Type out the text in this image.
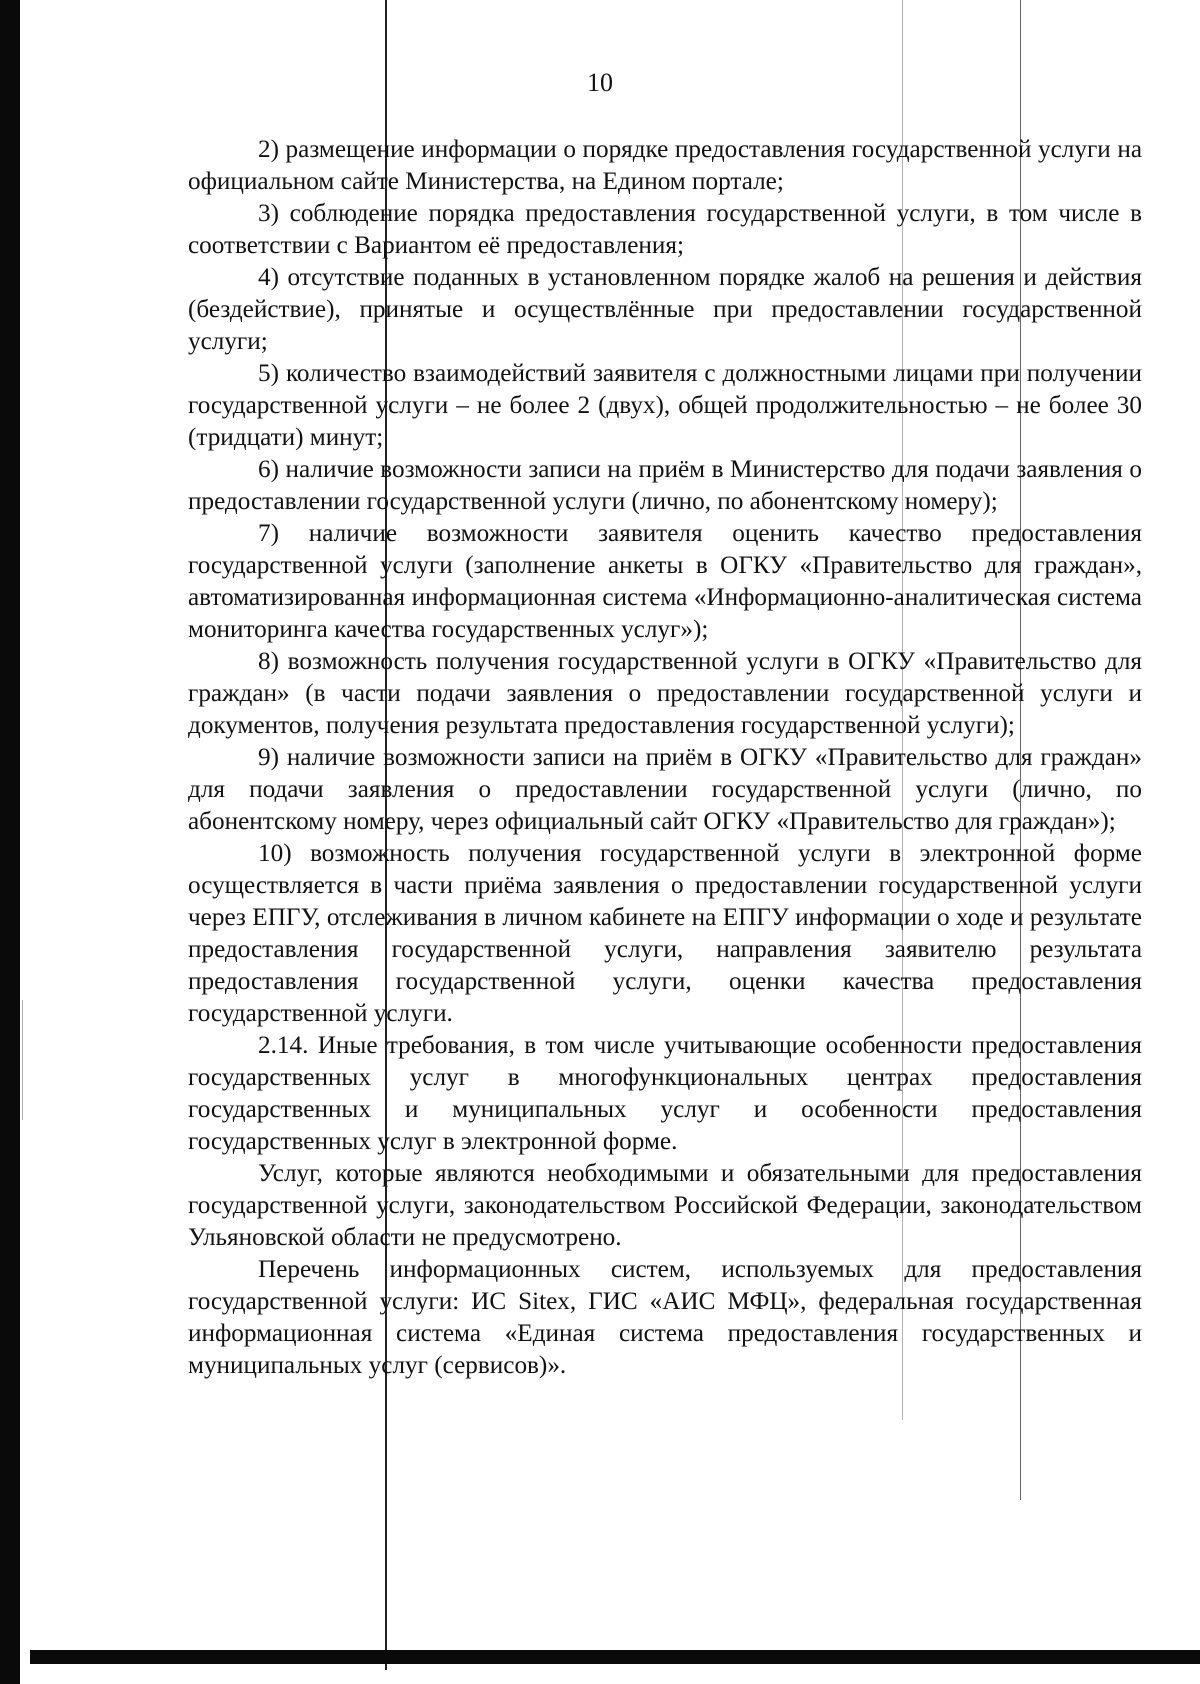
10

2) размещение информации о порядке предоставления государственной услуги на официальном сайте Министерства, на Едином портале;

3) соблюдение порядка предоставления государственной услуги, в том числе в соответствии с Вариантом её предоставления;

4) отсутствие поданных в установленном порядке жалоб на решения и действия (бездействие), принятые и осуществлённые при предоставлении государственной услуги;

5) количество взаимодействий заявителя с должностными лицами при получении государственной услуги – не более 2 (двух), общей продолжительностью – не более 30 (тридцати) минут;

6) наличие возможности записи на приём в Министерство для подачи заявления о предоставлении государственной услуги (лично, по абонентскому номеру);

7) наличие возможности заявителя оценить качество предоставления государственной услуги (заполнение анкеты в ОГКУ «Правительство для граждан», автоматизированная информационная система «Информационно-аналитическая система мониторинга качества государственных услуг»);

8) возможность получения государственной услуги в ОГКУ «Правительство для граждан» (в части подачи заявления о предоставлении государственной услуги и документов, получения результата предоставления государственной услуги);

9) наличие возможности записи на приём в ОГКУ «Правительство для граждан» для подачи заявления о предоставлении государственной услуги (лично, по абонентскому номеру, через официальный сайт ОГКУ «Правительство для граждан»);

10) возможность получения государственной услуги в электронной форме осуществляется в части приёма заявления о предоставлении государственной услуги через ЕПГУ, отслеживания в личном кабинете на ЕПГУ информации о ходе и результате предоставления государственной услуги, направления заявителю результата предоставления государственной услуги, оценки качества предоставления государственной услуги.

2.14. Иные требования, в том числе учитывающие особенности предоставления государственных услуг в многофункциональных центрах предоставления государственных и муниципальных услуг и особенности предоставления государственных услуг в электронной форме.

Услуг, которые являются необходимыми и обязательными для предоставления государственной услуги, законодательством Российской Федерации, законодательством Ульяновской области не предусмотрено.

Перечень информационных систем, используемых для предоставления государственной услуги: ИС Sitex, ГИС «АИС МФЦ», федеральная государственная информационная система «Единая система предоставления государственных и муниципальных услуг (сервисов)».
